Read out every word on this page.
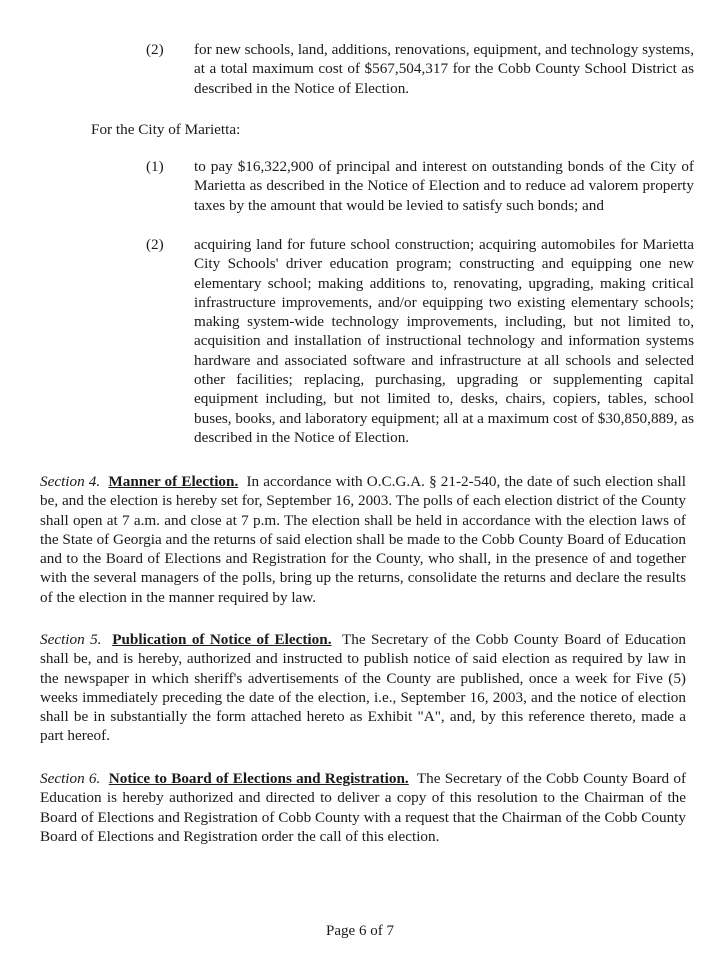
(2)	for new schools, land, additions, renovations, equipment, and technology systems, at a total maximum cost of $567,504,317 for the Cobb County School District as described in the Notice of Election.
For the City of Marietta:
(1)	to pay $16,322,900 of principal and interest on outstanding bonds of the City of Marietta as described in the Notice of Election and to reduce ad valorem property taxes by the amount that would be levied to satisfy such bonds; and
(2)	acquiring land for future school construction; acquiring automobiles for Marietta City Schools' driver education program; constructing and equipping one new elementary school; making additions to, renovating, upgrading, making critical infrastructure improvements, and/or equipping two existing elementary schools; making system-wide technology improvements, including, but not limited to, acquisition and installation of instructional technology and information systems hardware and associated software and infrastructure at all schools and selected other facilities; replacing, purchasing, upgrading or supplementing capital equipment including, but not limited to, desks, chairs, copiers, tables, school buses, books, and laboratory equipment; all at a maximum cost of $30,850,889, as described in the Notice of Election.
Section 4. Manner of Election. In accordance with O.C.G.A. § 21-2-540, the date of such election shall be, and the election is hereby set for, September 16, 2003. The polls of each election district of the County shall open at 7 a.m. and close at 7 p.m. The election shall be held in accordance with the election laws of the State of Georgia and the returns of said election shall be made to the Cobb County Board of Education and to the Board of Elections and Registration for the County, who shall, in the presence of and together with the several managers of the polls, bring up the returns, consolidate the returns and declare the results of the election in the manner required by law.
Section 5. Publication of Notice of Election. The Secretary of the Cobb County Board of Education shall be, and is hereby, authorized and instructed to publish notice of said election as required by law in the newspaper in which sheriff's advertisements of the County are published, once a week for Five (5) weeks immediately preceding the date of the election, i.e., September 16, 2003, and the notice of election shall be in substantially the form attached hereto as Exhibit "A", and, by this reference thereto, made a part hereof.
Section 6. Notice to Board of Elections and Registration. The Secretary of the Cobb County Board of Education is hereby authorized and directed to deliver a copy of this resolution to the Chairman of the Board of Elections and Registration of Cobb County with a request that the Chairman of the Cobb County Board of Elections and Registration order the call of this election.
Page 6 of 7
